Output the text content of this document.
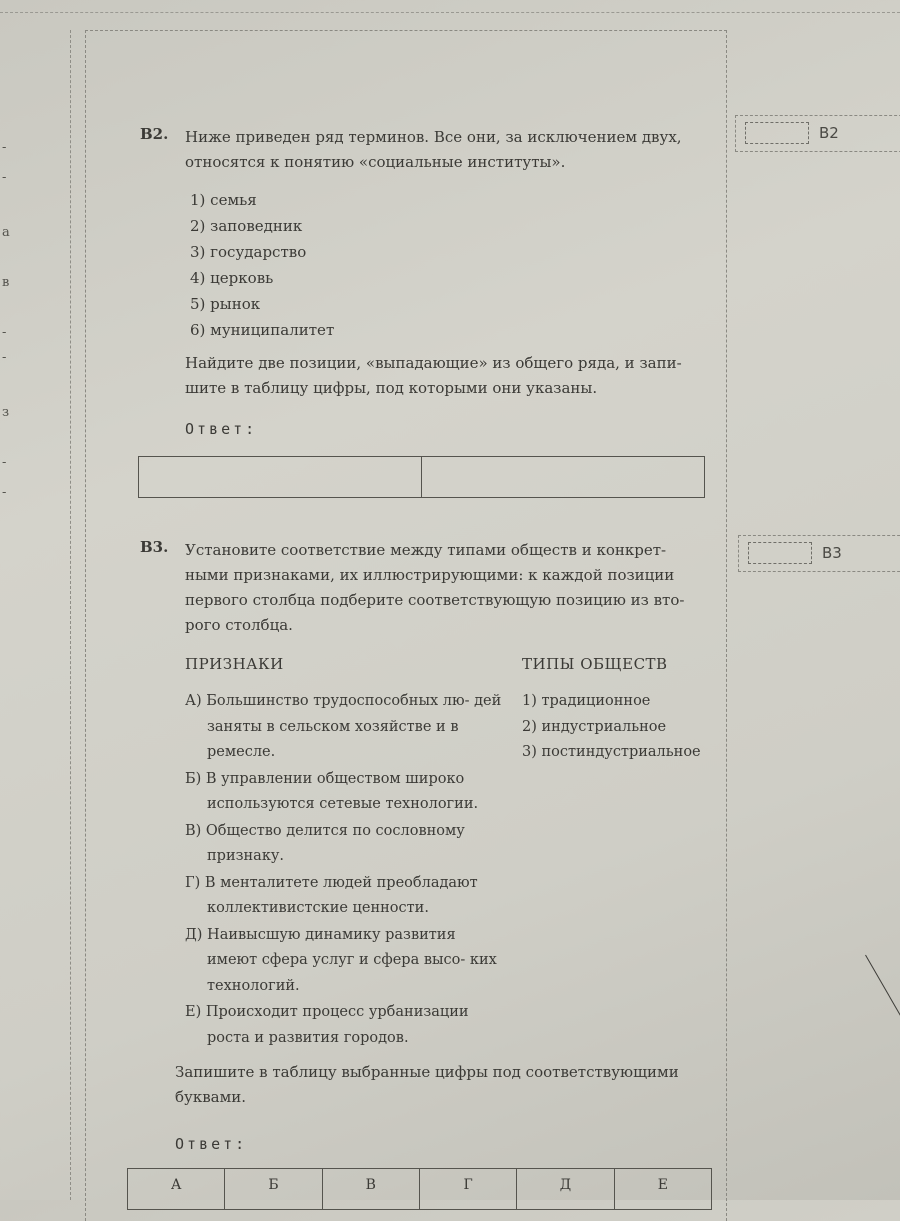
-
-
а
в
-
-
з
-
-
В2
В3
В2. Ниже приведен ряд терминов. Все они, за исключением двух,

относятся к понятию «социальные институты».

1) семья
2) заповедник
3) государство
4) церковь
5) рынок
6) муниципалитет

Найдите две позиции, «выпадающие» из общего ряда, и запи-

шите в таблицу цифры, под которыми они указаны.

Ответ:

В3. Установите соответствие между типами обществ и конкрет-

ными признаками, их иллюстрирующими: к каждой позиции

первого столбца подберите соответствующую позицию из вто-

рого столбца.

ПРИЗНАКИ

А) Большинство трудоспособных лю- дей заняты в сельском хозяйстве и в ремесле.
Б) В управлении обществом широко используются сетевые технологии.
В) Общество делится по сословному признаку.
Г) В менталитете людей преобладают коллективистские ценности.
Д) Наивысшую динамику развития имеют сфера услуг и сфера высо- ких технологий.
Е) Происходит процесс урбанизации роста и развития городов.

ТИПЫ ОБЩЕСТВ

1) традиционное
2) индустриальное
3) постиндустриальное

Запишите в таблицу выбранные цифры под соответствующими

буквами.

Ответ:

А	Б	В	Г	Д	Е
